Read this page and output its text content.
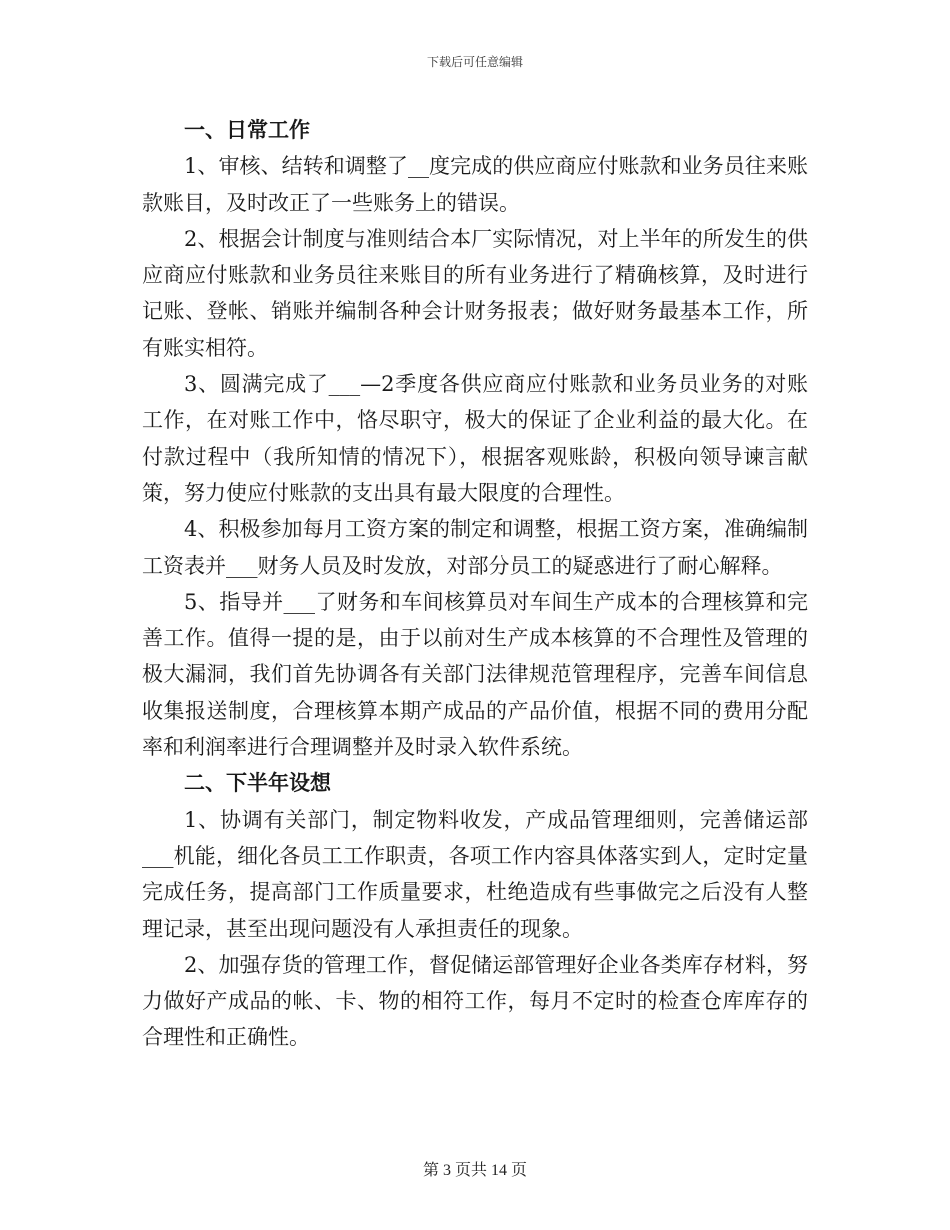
下载后可任意编辑

一、日常工作

1、审核、结转和调整了__度完成的供应商应付账款和业务员往来账款账目，及时改正了一些账务上的错误。

2、根据会计制度与准则结合本厂实际情况，对上半年的所发生的供应商应付账款和业务员往来账目的所有业务进行了精确核算，及时进行记账、登帐、销账并编制各种会计财务报表；做好财务最基本工作，所有账实相符。

3、圆满完成了___—2季度各供应商应付账款和业务员业务的对账工作，在对账工作中，恪尽职守，极大的保证了企业利益的最大化。在付款过程中（我所知情的情况下），根据客观账龄，积极向领导谏言献策，努力使应付账款的支出具有最大限度的合理性。

4、积极参加每月工资方案的制定和调整，根据工资方案，准确编制工资表并___财务人员及时发放，对部分员工的疑惑进行了耐心解释。

5、指导并___了财务和车间核算员对车间生产成本的合理核算和完善工作。值得一提的是，由于以前对生产成本核算的不合理性及管理的极大漏洞，我们首先协调各有关部门法律规范管理程序，完善车间信息收集报送制度，合理核算本期产成品的产品价值，根据不同的费用分配率和利润率进行合理调整并及时录入软件系统。

二、下半年设想

1、协调有关部门，制定物料收发，产成品管理细则，完善储运部___机能，细化各员工工作职责，各项工作内容具体落实到人，定时定量完成任务，提高部门工作质量要求，杜绝造成有些事做完之后没有人整理记录，甚至出现问题没有人承担责任的现象。

2、加强存货的管理工作，督促储运部管理好企业各类库存材料，努力做好产成品的帐、卡、物的相符工作，每月不定时的检查仓库库存的合理性和正确性。

第 3 页共 14 页
